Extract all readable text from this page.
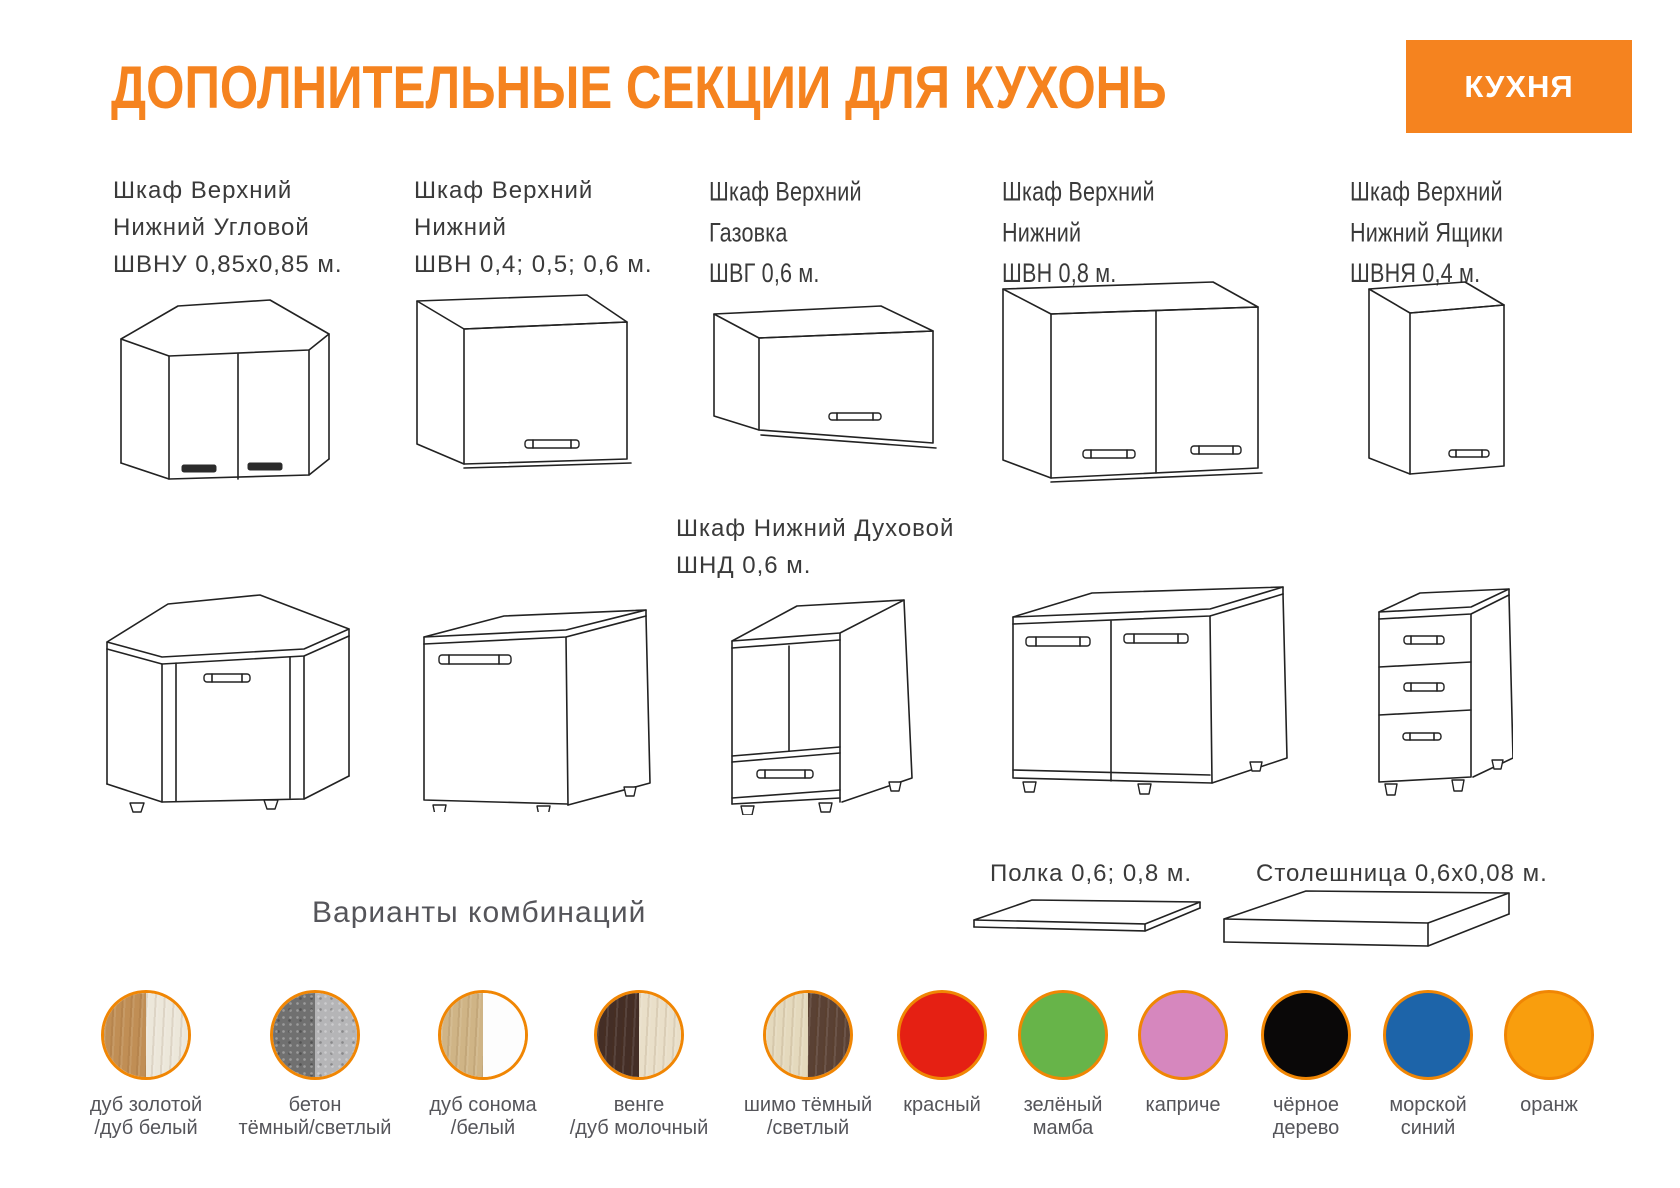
ДОПОЛНИТЕЛЬНЫЕ СЕКЦИИ ДЛЯ КУХОНЬ	КУХНЯ
Шкаф Верхний
Нижний Угловой
ШВНУ 0,85х0,85 м.
Шкаф Верхний
Нижний
ШВН 0,4; 0,5; 0,6 м.
Шкаф Верхний
Газовка
ШВГ 0,6 м.
Шкаф Верхний
Нижний
ШВН 0,8 м.
Шкаф Верхний
Нижний Ящики
ШВНЯ 0,4 м.
Шкаф Нижний Духовой
ШНД 0,6 м.
Полка 0,6; 0,8 м.	Столешница 0,6х0,08 м.
Варианты комбинаций
дуб золотой
/дуб белый
бетон
тёмный/светлый
дуб сонома
/белый
венге
/дуб молочный
шимо тёмный
/светлый
красный	зелёный
мамба
каприче	чёрное
дерево
морской
синий
оранж
